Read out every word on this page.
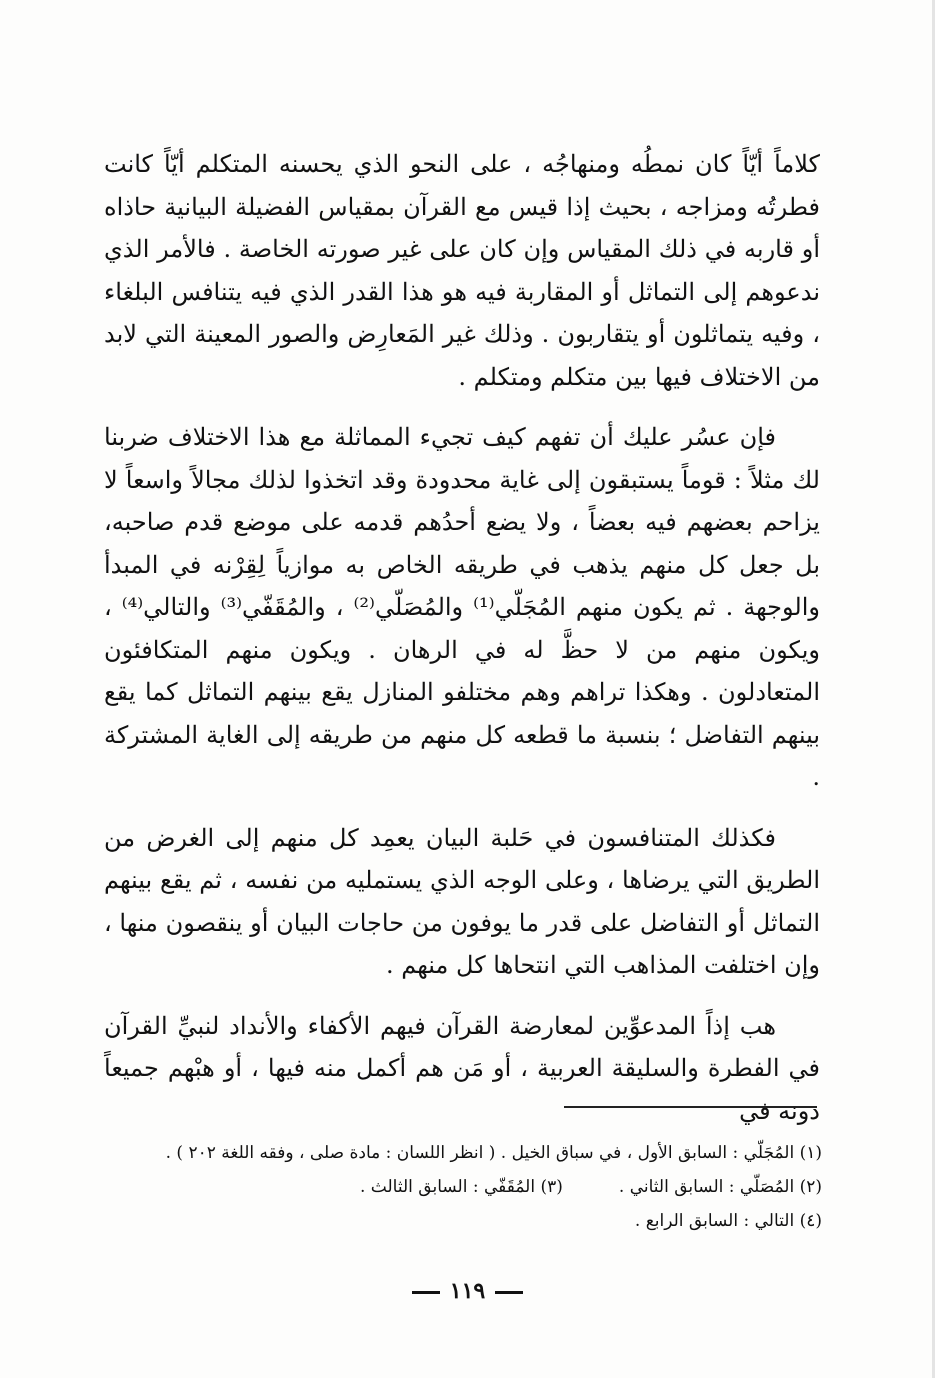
كلاماً أيّاً كان نمطُه ومنهاجُه ، على النحو الذي يحسنه المتكلم أيّاً كانت فطرتُه ومزاجه ، بحيث إذا قيس مع القرآن بمقياس الفضيلة البيانية حاذاه أو قاربه في ذلك المقياس وإن كان على غير صورته الخاصة . فالأمر الذي ندعوهم إلى التماثل أو المقاربة فيه هو هذا القدر الذي فيه يتنافس البلغاء ، وفيه يتماثلون أو يتقاربون . وذلك غير المَعارِض والصور المعينة التي لابد من الاختلاف فيها بين متكلم ومتكلم .

فإن عسُر عليك أن تفهم كيف تجيء المماثلة مع هذا الاختلاف ضربنا لك مثلاً : قوماً يستبقون إلى غاية محدودة وقد اتخذوا لذلك مجالاً واسعاً لا يزاحم بعضهم فيه بعضاً ، ولا يضع أحدُهم قدمه على موضع قدم صاحبه، بل جعل كل منهم يذهب في طريقه الخاص به موازياً لِقِرْنه في المبدأ والوجهة . ثم يكون منهم المُجَلّي⁽¹⁾ والمُصَلّي⁽²⁾ ، والمُقَفّي⁽³⁾ والتالي⁽⁴⁾ ، ويكون منهم من لا حظَّ له في الرهان . ويكون منهم المتكافئون المتعادلون . وهكذا تراهم وهم مختلفو المنازل يقع بينهم التماثل كما يقع بينهم التفاضل ؛ بنسبة ما قطعه كل منهم من طريقه إلى الغاية المشتركة .

فكذلك المتنافسون في حَلبة البيان يعمِد كل منهم إلى الغرض من الطريق التي يرضاها ، وعلى الوجه الذي يستمليه من نفسه ، ثم يقع بينهم التماثل أو التفاضل على قدر ما يوفون من حاجات البيان أو ينقصون منها ، وإن اختلفت المذاهب التي انتحاها كل منهم .

هب إذاً المدعوِّين لمعارضة القرآن فيهم الأكفاء والأنداد لنبيِّ القرآن في الفطرة والسليقة العربية ، أو مَن هم أكمل منه فيها ، أو هبْهم جميعاً دونه في

(١) المُجَلّي : السابق الأول ، في سباق الخيل . ( انظر اللسان : مادة صلى ، وفقه اللغة ٢٠٢ ) .
(٢) المُصَلّي : السابق الثاني .(٣) المُقَفّي : السابق الثالث .
(٤) التالي : السابق الرابع .
١١٩
